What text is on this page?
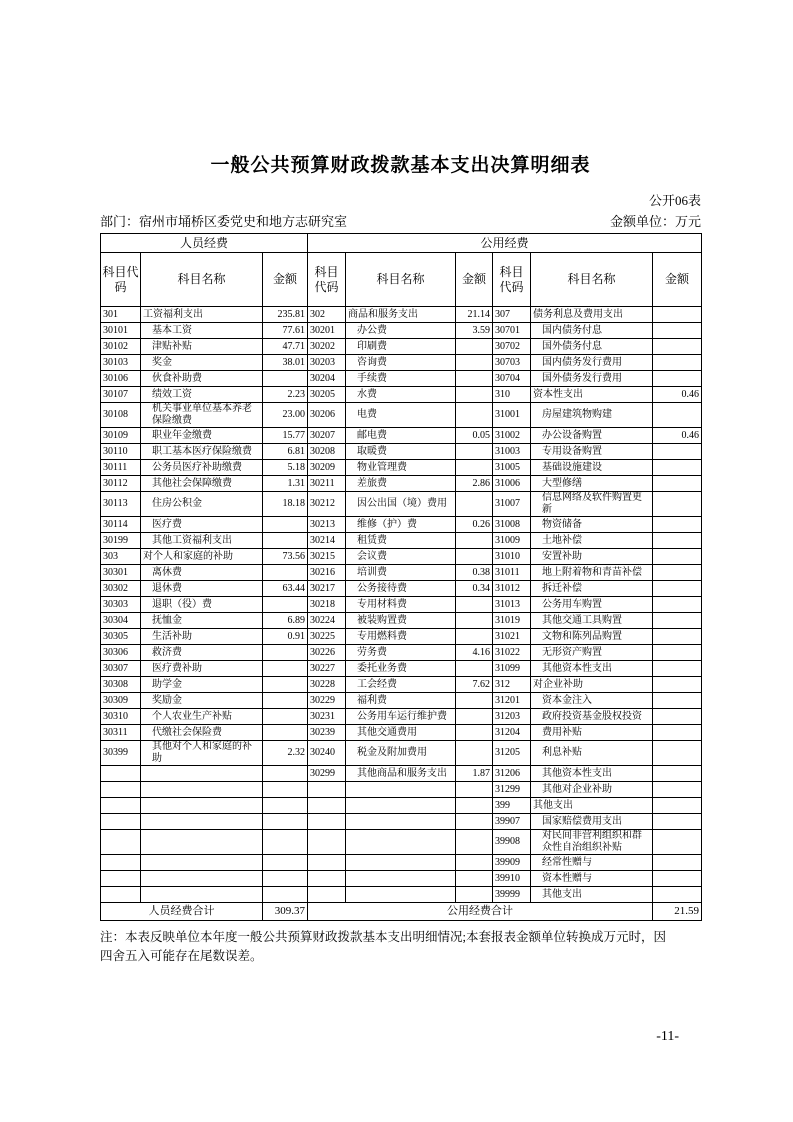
一般公共预算财政拨款基本支出决算明细表
公开06表
部门：宿州市埇桥区委党史和地方志研究室	金额单位：万元
人员经费			公用经费					
科目代码	科目名称	金额	科目代码	科目名称	金额	科目代码	科目名称	金额
301	工资福利支出	235.81	302	商品和服务支出	21.14	307	债务利息及费用支出	
30101	基本工资	77.61	30201	办公费	3.59	30701	国内债务付息	
30102	津贴补贴	47.71	30202	印刷费		30702	国外债务付息	
30103	奖金	38.01	30203	咨询费		30703	国内债务发行费用	
30106	伙食补助费		30204	手续费		30704	国外债务发行费用	
30107	绩效工资	2.23	30205	水费		310	资本性支出	0.46
30108	机关事业单位基本养老保险缴费	23.00	30206	电费		31001	房屋建筑物购建	
30109	职业年金缴费	15.77	30207	邮电费	0.05	31002	办公设备购置	0.46
30110	职工基本医疗保险缴费	6.81	30208	取暖费		31003	专用设备购置	
30111	公务员医疗补助缴费	5.18	30209	物业管理费		31005	基础设施建设	
30112	其他社会保障缴费	1.31	30211	差旅费	2.86	31006	大型修缮	
30113	住房公积金	18.18	30212	因公出国（境）费用		31007	信息网络及软件购置更新	
30114	医疗费		30213	维修（护）费	0.26	31008	物资储备	
30199	其他工资福利支出		30214	租赁费		31009	土地补偿	
303	对个人和家庭的补助	73.56	30215	会议费		31010	安置补助	
30301	离休费		30216	培训费	0.38	31011	地上附着物和青苗补偿	
30302	退休费	63.44	30217	公务接待费	0.34	31012	拆迁补偿	
30303	退职（役）费		30218	专用材料费		31013	公务用车购置	
30304	抚恤金	6.89	30224	被装购置费		31019	其他交通工具购置	
30305	生活补助	0.91	30225	专用燃料费		31021	文物和陈列品购置	
30306	救济费		30226	劳务费	4.16	31022	无形资产购置	
30307	医疗费补助		30227	委托业务费		31099	其他资本性支出	
30308	助学金		30228	工会经费	7.62	312	对企业补助	
30309	奖励金		30229	福利费		31201	资本金注入	
30310	个人农业生产补贴		30231	公务用车运行维护费		31203	政府投资基金股权投资	
30311	代缴社会保险费		30239	其他交通费用		31204	费用补贴	
30399	其他对个人和家庭的补助	2.32	30240	税金及附加费用		31205	利息补贴	
			30299	其他商品和服务支出	1.87	31206	其他资本性支出	
						31299	其他对企业补助	
						399	其他支出	
						39907	国家赔偿费用支出	
						39908	对民间非营利组织和群众性自治组织补贴	
						39909	经常性赠与	
						39910	资本性赠与	
						39999	其他支出	
人员经费合计		309.37	公用经费合计					21.59
注：本表反映单位本年度一般公共预算财政拨款基本支出明细情况;本套报表金额单位转换成万元时，因
四舍五入可能存在尾数误差。
-11-
